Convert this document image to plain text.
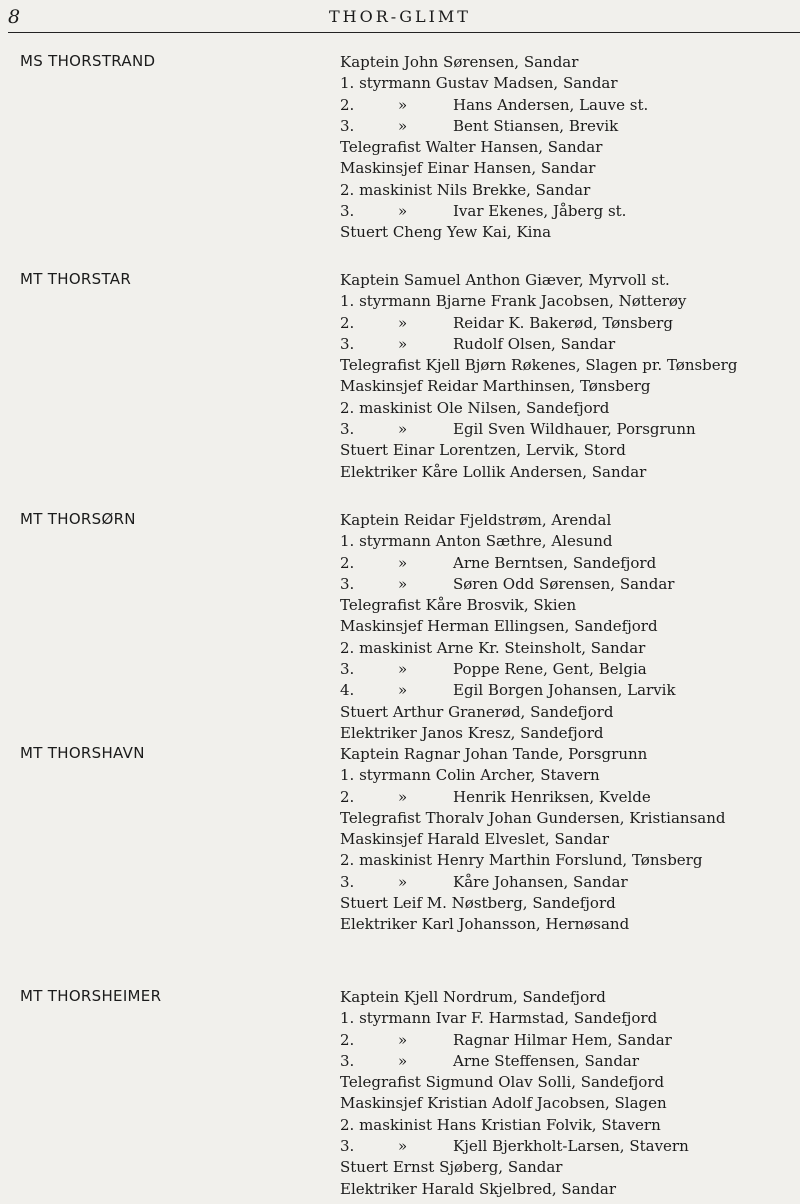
8	THOR-GLIMT
MS THORSTRAND	Kaptein John Sørensen, Sandar
1. styrmann Gustav Madsen, Sandar
2.	»	Hans Andersen, Lauve st.
3.	»	Bent Stiansen, Brevik
Telegrafist Walter Hansen, Sandar
Maskinsjef Einar Hansen, Sandar
2. maskinist Nils Brekke, Sandar
3.	»	Ivar Ekenes, Jåberg st.
Stuert Cheng Yew Kai, Kina
MT THORSTAR	Kaptein Samuel Anthon Giæver, Myrvoll st.
1. styrmann Bjarne Frank Jacobsen, Nøtterøy
2.	»	Reidar K. Bakerød, Tønsberg
3.	»	Rudolf Olsen, Sandar
Telegrafist Kjell Bjørn Røkenes, Slagen pr. Tønsberg
Maskinsjef Reidar Marthinsen, Tønsberg
2. maskinist Ole Nilsen, Sandefjord
3.	»	Egil Sven Wildhauer, Porsgrunn
Stuert Einar Lorentzen, Lervik, Stord
Elektriker Kåre Lollik Andersen, Sandar
MT THORSØRN	Kaptein Reidar Fjeldstrøm, Arendal
1. styrmann Anton Sæthre, Alesund
2.	»	Arne Berntsen, Sandefjord
3.	»	Søren Odd Sørensen, Sandar
Telegrafist Kåre Brosvik, Skien
Maskinsjef Herman Ellingsen, Sandefjord
2. maskinist Arne Kr. Steinsholt, Sandar
3.	»	Poppe Rene, Gent, Belgia
4.	»	Egil Borgen Johansen, Larvik
Stuert Arthur Granerød, Sandefjord
Elektriker Janos Kresz, Sandefjord
MT THORSHAVN	Kaptein Ragnar Johan Tande, Porsgrunn
1. styrmann Colin Archer, Stavern
2.	»	Henrik Henriksen, Kvelde
Telegrafist Thoralv Johan Gundersen, Kristiansand
Maskinsjef Harald Elveslet, Sandar
2. maskinist Henry Marthin Forslund, Tønsberg
3.	»	Kåre Johansen, Sandar
Stuert Leif M. Nøstberg, Sandefjord
Elektriker Karl Johansson, Hernøsand
MT THORSHEIMER	Kaptein Kjell Nordrum, Sandefjord
1. styrmann Ivar F. Harmstad, Sandefjord
2.	»	Ragnar Hilmar Hem, Sandar
3.	»	Arne Steffensen, Sandar
Telegrafist Sigmund Olav Solli, Sandefjord
Maskinsjef Kristian Adolf Jacobsen, Slagen
2. maskinist Hans Kristian Folvik, Stavern
3.	»	Kjell Bjerkholt-Larsen, Stavern
Stuert Ernst Sjøberg, Sandar
Elektriker Harald Skjelbred, Sandar
